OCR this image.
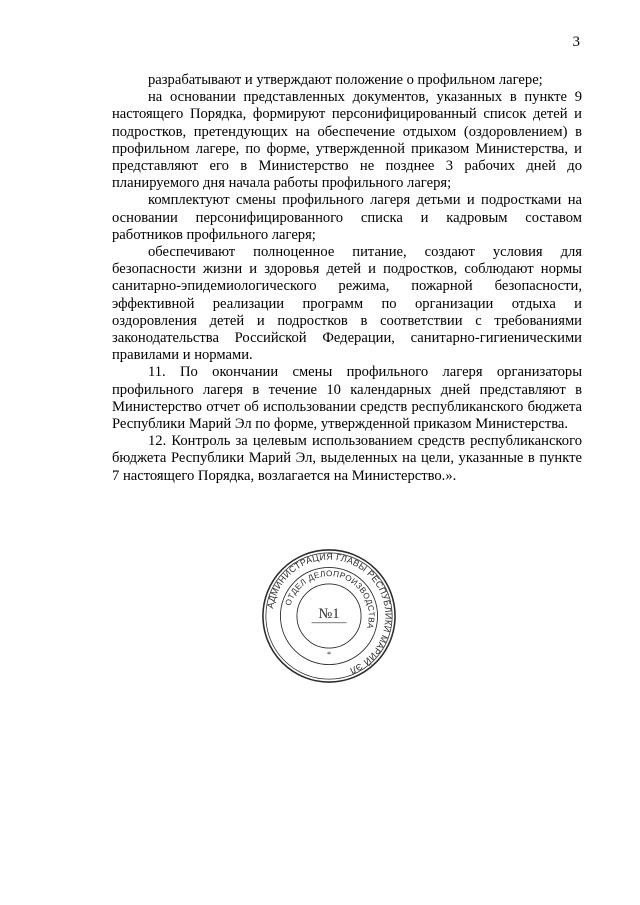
3

разрабатывают и утверждают положение о профильном лагере;

на основании представленных документов, указанных в пункте 9 настоящего Порядка, формируют персонифицированный список детей и подростков, претендующих на обеспечение отдыхом (оздоровлением) в профильном лагере, по форме, утвержденной приказом Министерства, и представляют его в Министерство не позднее 3 рабочих дней до планируемого дня начала работы профильного лагеря;

комплектуют смены профильного лагеря детьми и подростками на основании персонифицированного списка и кадровым составом работников профильного лагеря;

обеспечивают полноценное питание, создают условия для безопасности жизни и здоровья детей и подростков, соблюдают нормы санитарно-эпидемиологического режима, пожарной безопасности, эффективной реализации программ по организации отдыха и оздоровления детей и подростков в соответствии с требованиями законодательства Российской Федерации, санитарно-гигиеническими правилами и нормами.

11. По окончании смены профильного лагеря организаторы профильного лагеря в течение 10 календарных дней представляют в Министерство отчет об использовании средств республиканского бюджета Республики Марий Эл по форме, утвержденной приказом Министерства.

12. Контроль за целевым использованием средств республиканского бюджета Республики Марий Эл, выделенных на цели, указанные в пункте 7 настоящего Порядка, возлагается на Министерство.».

АДМИНИСТРАЦИЯ ГЛАВЫ РЕСПУБЛИКИ МАРИЙ ЭЛ
ОТДЕЛ ДЕЛОПРОИЗВОДСТВА
№1
*
